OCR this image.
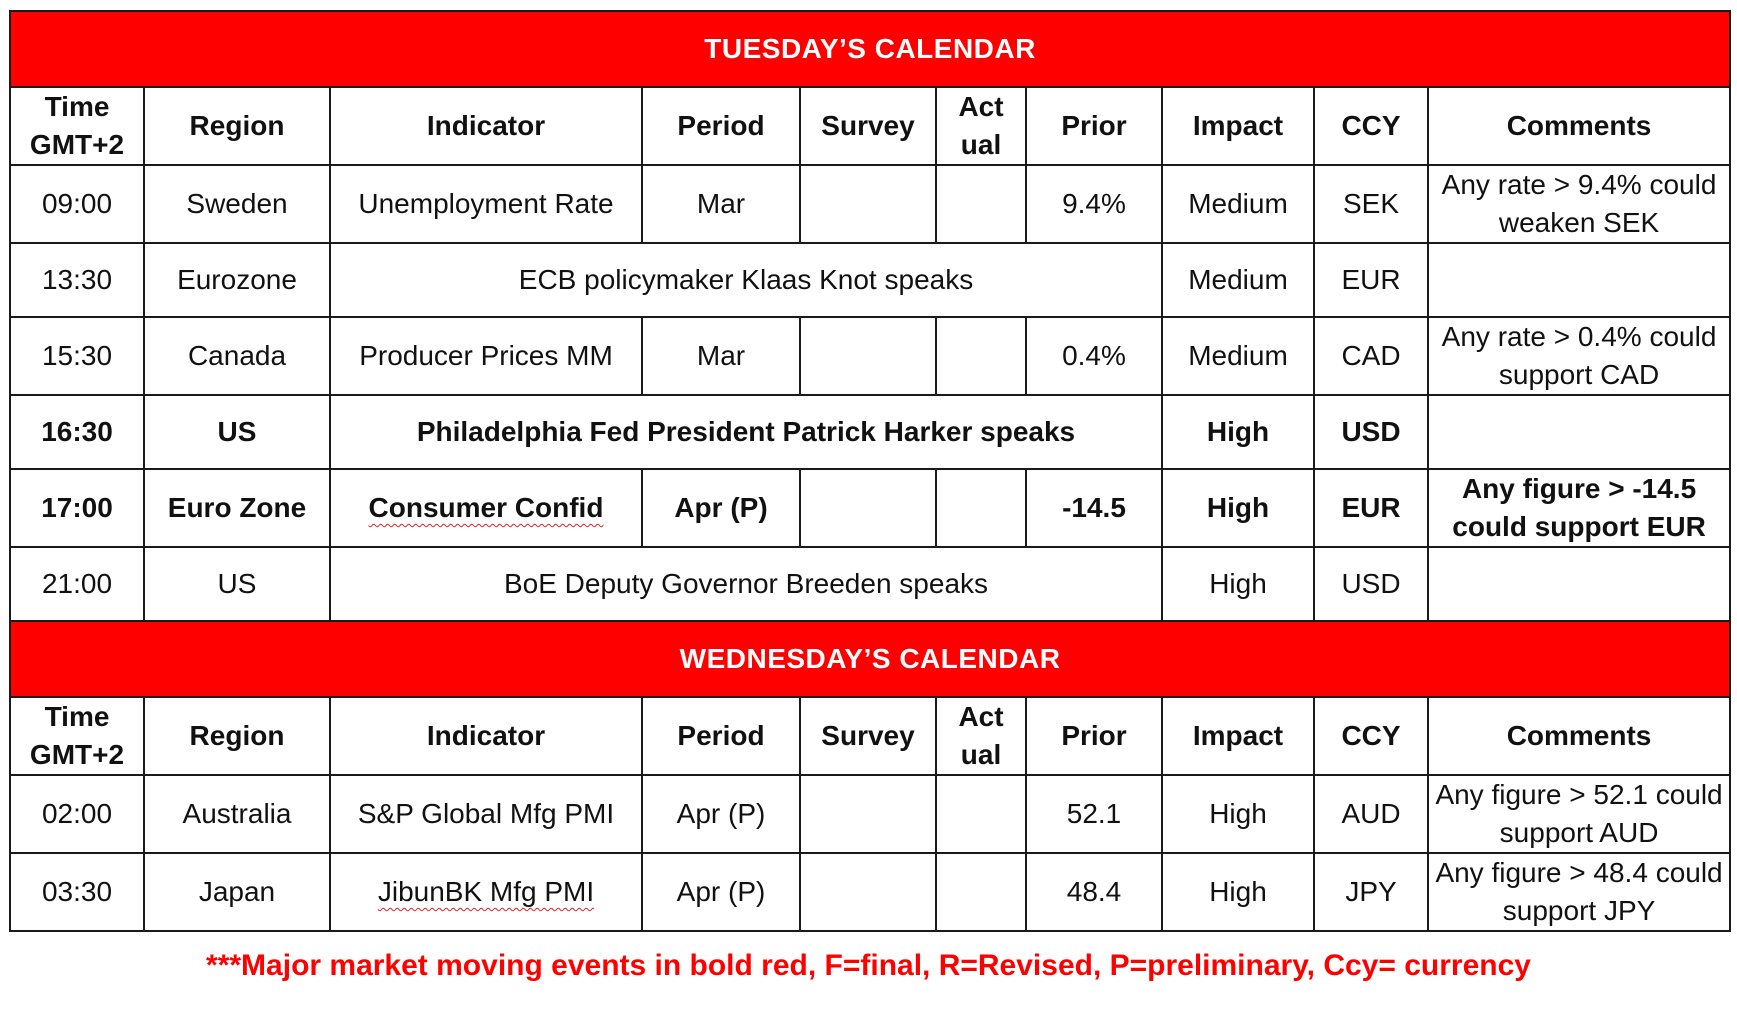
TUESDAY’S CALENDAR									
Time GMT+2	Region	Indicator	Period	Survey	Act ual	Prior	Impact	CCY	Comments
09:00	Sweden	Unemployment Rate	Mar			9.4%	Medium	SEK	Any rate > 9.4% could weaken SEK
13:30	Eurozone	ECB policymaker Klaas Knot speaks					Medium	EUR	
15:30	Canada	Producer Prices MM	Mar			0.4%	Medium	CAD	Any rate > 0.4% could support CAD
16:30	US	Philadelphia Fed President Patrick Harker speaks					High	USD	
17:00	Euro Zone	Consumer Confid	Apr (P)			-14.5	High	EUR	Any figure > -14.5 could support EUR
21:00	US	BoE Deputy Governor Breeden speaks					High	USD	
WEDNESDAY’S CALENDAR									
Time GMT+2	Region	Indicator	Period	Survey	Act ual	Prior	Impact	CCY	Comments
02:00	Australia	S&P Global Mfg PMI	Apr (P)			52.1	High	AUD	Any figure > 52.1 could support AUD
03:30	Japan	JibunBK Mfg PMI	Apr (P)			48.4	High	JPY	Any figure > 48.4 could support JPY
***Major market moving events in bold red, F=final, R=Revised, P=preliminary, Ccy= currency
